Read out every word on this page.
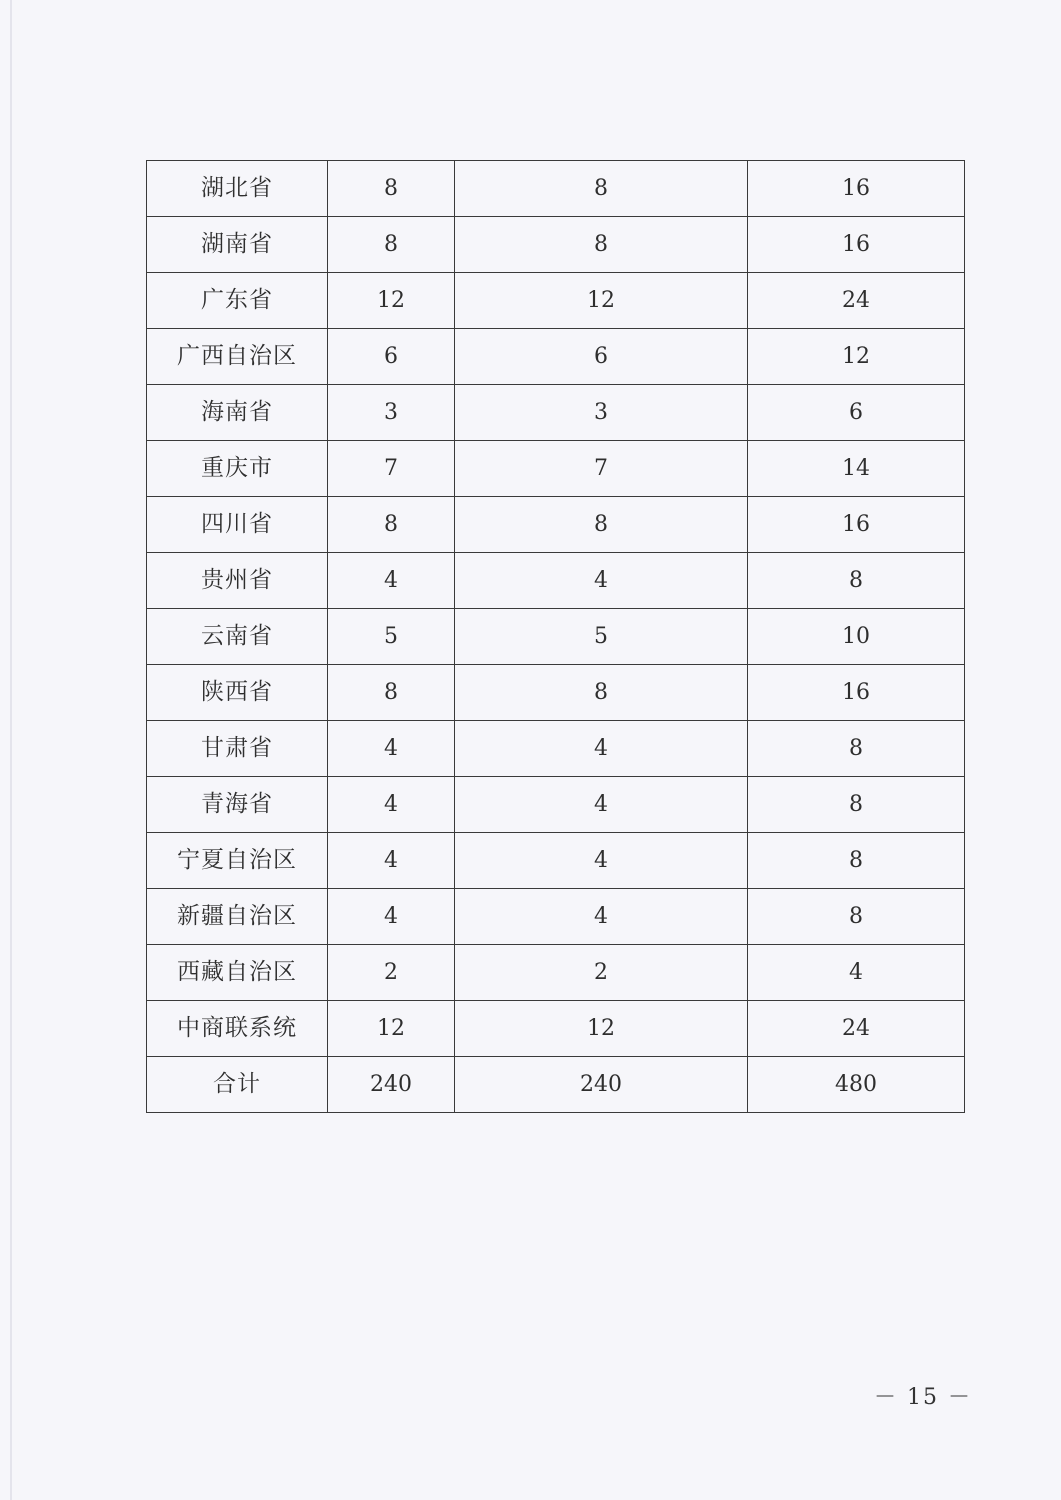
湖北省	8	8	16
湖南省	8	8	16
广东省	12	12	24
广西自治区	6	6	12
海南省	3	3	6
重庆市	7	7	14
四川省	8	8	16
贵州省	4	4	8
云南省	5	5	10
陕西省	8	8	16
甘肃省	4	4	8
青海省	4	4	8
宁夏自治区	4	4	8
新疆自治区	4	4	8
西藏自治区	2	2	4
中商联系统	12	12	24
合计	240	240	480
－ 15 －
